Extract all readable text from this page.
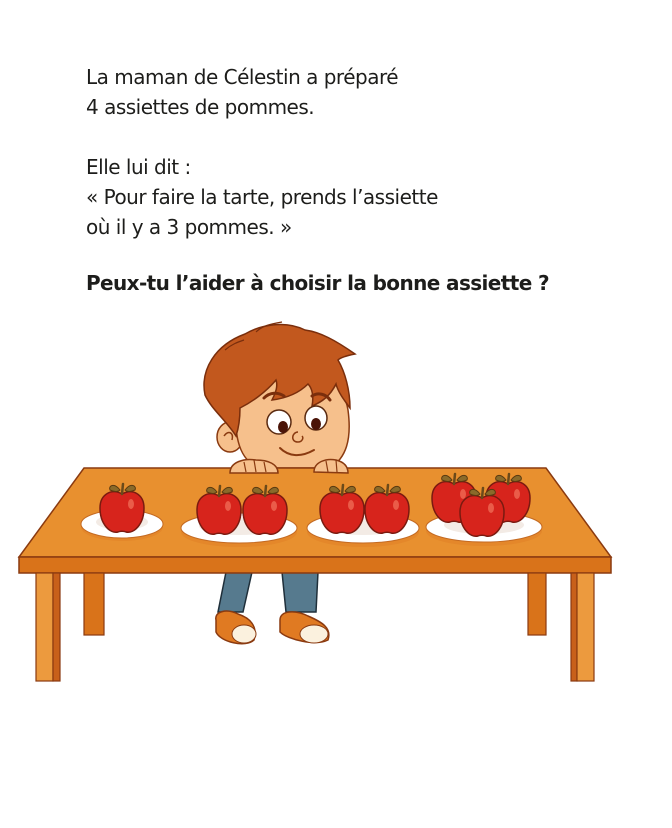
La maman de Célestin a préparé
4 assiettes de pommes.

Elle lui dit :
« Pour faire la tarte, prends l’assiette
où il y a 3 pommes. »

Peux-tu l’aider à choisir la bonne assiette ?
